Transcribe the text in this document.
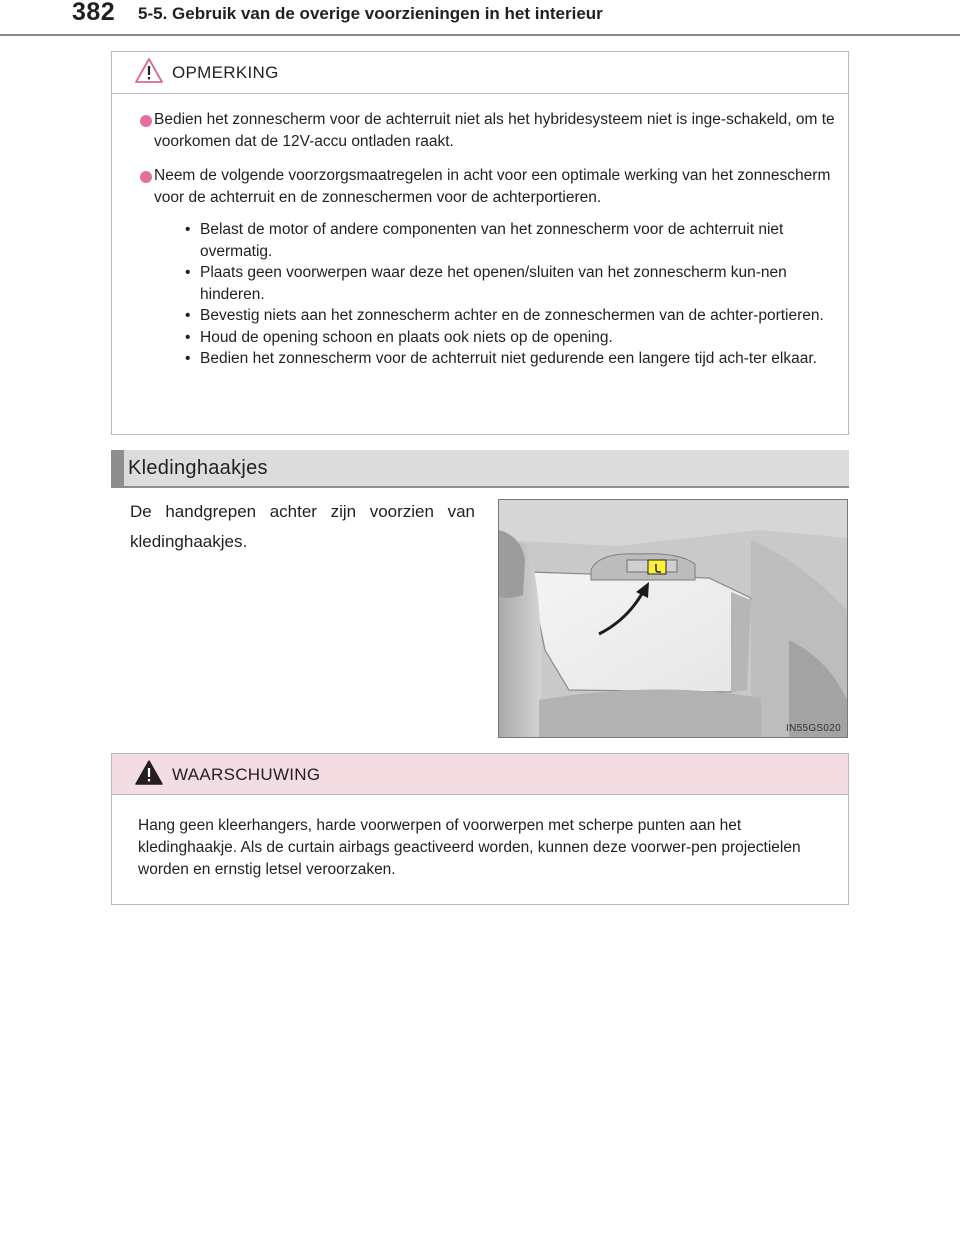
382 5-5. Gebruik van de overige voorzieningen in het interieur
OPMERKING
Bedien het zonnescherm voor de achterruit niet als het hybridesysteem niet is inge-schakeld, om te voorkomen dat de 12V-accu ontladen raakt.
Neem de volgende voorzorgsmaatregelen in acht voor een optimale werking van het zonnescherm voor de achterruit en de zonneschermen voor de achterportieren.
• Belast de motor of andere componenten van het zonnescherm voor de achterruit niet overmatig.
• Plaats geen voorwerpen waar deze het openen/sluiten van het zonnescherm kun-nen hinderen.
• Bevestig niets aan het zonnescherm achter en de zonneschermen van de achter-portieren.
• Houd de opening schoon en plaats ook niets op de opening.
• Bedien het zonnescherm voor de achterruit niet gedurende een langere tijd ach-ter elkaar.
Kledinghaakjes
De handgrepen achter zijn voorzien van kledinghaakjes.
IN55GS020
WAARSCHUWING
Hang geen kleerhangers, harde voorwerpen of voorwerpen met scherpe punten aan het kledinghaakje. Als de curtain airbags geactiveerd worden, kunnen deze voorwer-pen projectielen worden en ernstig letsel veroorzaken.
